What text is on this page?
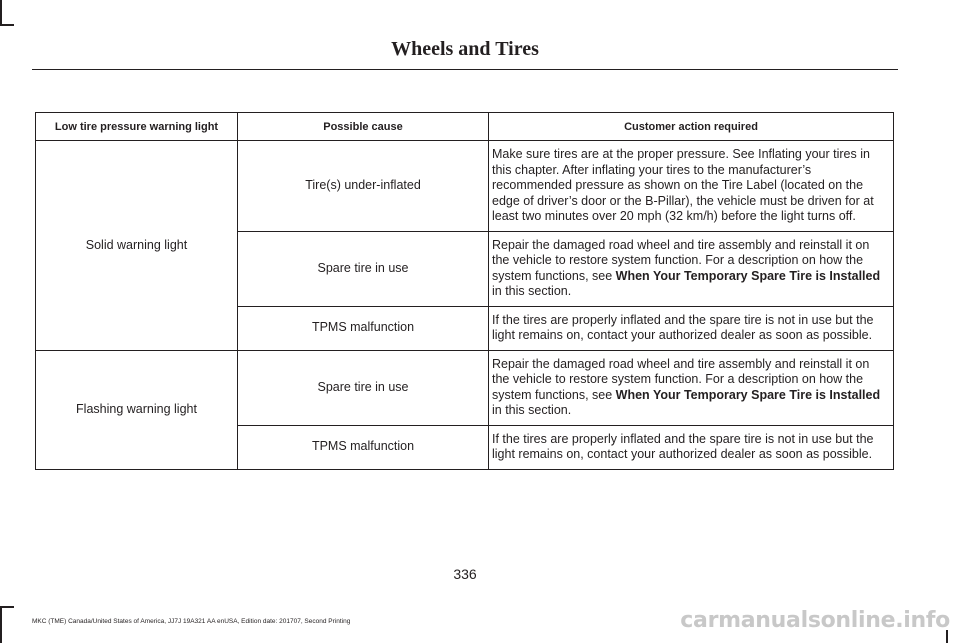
Wheels and Tires
Low tire pressure warning light	Possible cause	Customer action required
Solid warning light	Tire(s) under-inflated	Make sure tires are at the proper pressure. See Inflating your tires in this chapter. After inflating your tires to the manufacturer’s recommended pressure as shown on the Tire Label (located on the edge of driver’s door or the B-Pillar), the vehicle must be driven for at least two minutes over 20 mph (32 km/h) before the light turns off.
	Spare tire in use	Repair the damaged road wheel and tire assembly and reinstall it on the vehicle to restore system function. For a description on how the system functions, see When Your Temporary Spare Tire is Installed in this section.
	TPMS malfunction	If the tires are properly inflated and the spare tire is not in use but the light remains on, contact your authorized dealer as soon as possible.
Flashing warning light	Spare tire in use	Repair the damaged road wheel and tire assembly and reinstall it on the vehicle to restore system function. For a description on how the system functions, see When Your Temporary Spare Tire is Installed in this section.
	TPMS malfunction	If the tires are properly inflated and the spare tire is not in use but the light remains on, contact your authorized dealer as soon as possible.
336
MKC (TME) Canada/United States of America, JJ7J 19A321 AA enUSA, Edition date: 201707, Second Printing	carmanualsonline.info
